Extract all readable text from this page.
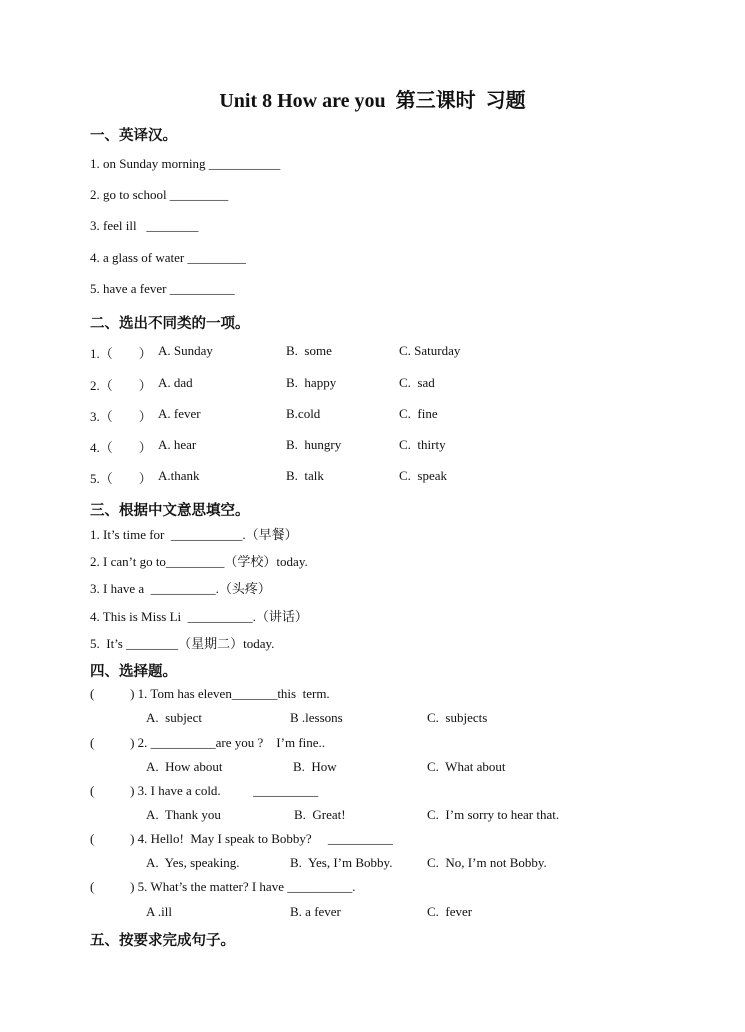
Unit 8 How are you  第三课时  习题
一、英译汉。
1. on Sunday morning ___________
2. go to school _________
3. feel ill   ________
4. a glass of water _________
5. have a fever __________
二、选出不同类的一项。
1.（        ） A. Sunday	B.  some	C. Saturday
2.（        ） A. dad	B.  happy	C.  sad
3.（        ） A. fever	B.cold	C.  fine
4.（        ） A. hear	B.  hungry	C.  thirty
5.（        ） A.thank	B.  talk	C.  speak
三、根据中文意思填空。
1. It’s time for  ___________.（早餐）
2. I can’t go to_________（学校）today.
3. I have a  __________.（头疼）
4. This is Miss Li  __________.（讲话）
5.  It’s ________（星期二）today.
四、选择题。
(           ) 1. Tom has eleven_______this  term.
A.  subject	B .lessons	C.  subjects
(           ) 2. __________are you ?    I’m fine..
A.  How about	B.  How	C.  What about
(           ) 3. I have a cold.          __________
A.  Thank you	B.  Great!	C.  I’m sorry to hear that.
(           ) 4. Hello!  May I speak to Bobby?     __________
A.  Yes, speaking.	B.  Yes, I’m Bobby.	C.  No, I’m not Bobby.
(           ) 5. What’s the matter? I have __________.
A .ill	B. a fever	C.  fever
五、按要求完成句子。
